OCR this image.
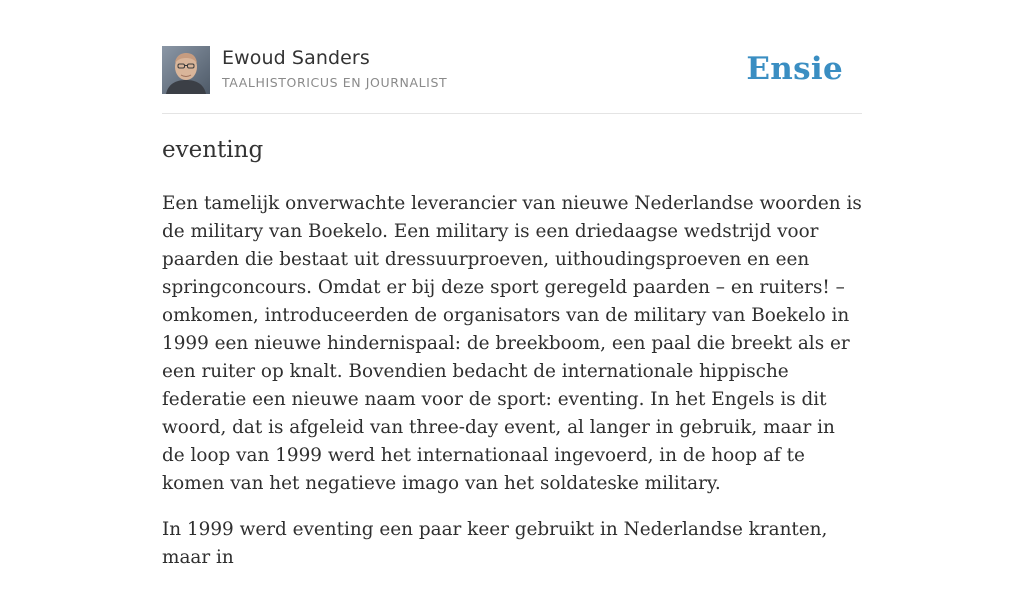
Ewoud Sanders
TAALHISTORICUS EN JOURNALIST	Ensie
eventing

Een tamelijk onverwachte leverancier van nieuwe Nederlandse woorden is de military van Boekelo. Een military is een driedaagse wedstrijd voor paarden die bestaat uit dressuurproeven, uithoudingsproeven en een springconcours. Omdat er bij deze sport geregeld paarden – en ruiters! – omkomen, introduceerden de organisators van de military van Boekelo in 1999 een nieuwe hindernispaal: de breekboom, een paal die breekt als er een ruiter op knalt. Bovendien bedacht de internationale hippische federatie een nieuwe naam voor de sport: eventing. In het Engels is dit woord, dat is afgeleid van three-day event, al langer in gebruik, maar in de loop van 1999 werd het internationaal ingevoerd, in de hoop af te komen van het negatieve imago van het soldateske military.

In 1999 werd eventing een paar keer gebruikt in Nederlandse kranten, maar in
